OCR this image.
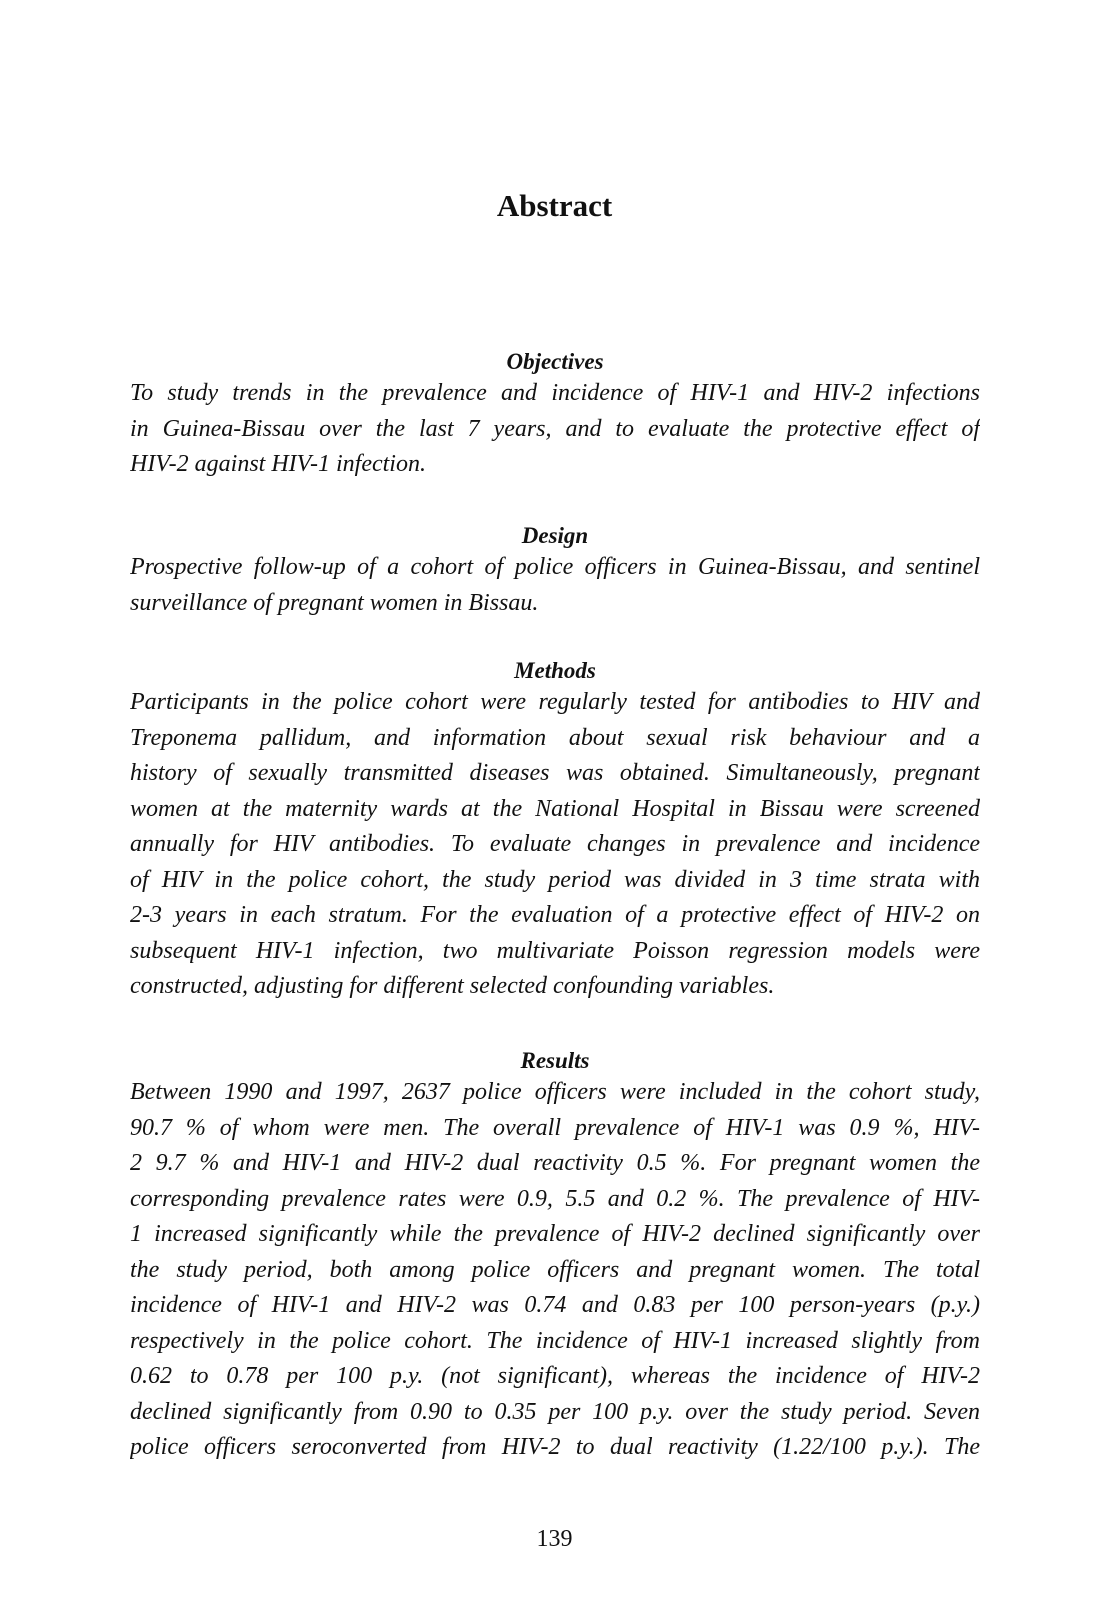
Abstract
Objectives

To study trends in the prevalence and incidence of HIV-1 and HIV-2 infections
in Guinea-Bissau over the last 7 years, and to evaluate the protective effect of
HIV-2 against HIV-1 infection.

Design

Prospective follow-up of a cohort of police officers in Guinea-Bissau, and sentinel
surveillance of pregnant women in Bissau.

Methods

Participants in the police cohort were regularly tested for antibodies to HIV and
Treponema pallidum, and information about sexual risk behaviour and a
history of sexually transmitted diseases was obtained. Simultaneously, pregnant
women at the maternity wards at the National Hospital in Bissau were screened
annually for HIV antibodies. To evaluate changes in prevalence and incidence
of HIV in the police cohort, the study period was divided in 3 time strata with
2-3 years in each stratum. For the evaluation of a protective effect of HIV-2 on
subsequent HIV-1 infection, two multivariate Poisson regression models were
constructed, adjusting for different selected confounding variables.

Results

Between 1990 and 1997, 2637 police officers were included in the cohort study,
90.7 % of whom were men. The overall prevalence of HIV-1 was 0.9 %, HIV-
2 9.7 % and HIV-1 and HIV-2 dual reactivity 0.5 %. For pregnant women the
corresponding prevalence rates were 0.9, 5.5 and 0.2 %. The prevalence of HIV-
1 increased significantly while the prevalence of HIV-2 declined significantly over
the study period, both among police officers and pregnant women. The total
incidence of HIV-1 and HIV-2 was 0.74 and 0.83 per 100 person-years (p.y.)
respectively in the police cohort. The incidence of HIV-1 increased slightly from
0.62 to 0.78 per 100 p.y. (not significant), whereas the incidence of HIV-2
declined significantly from 0.90 to 0.35 per 100 p.y. over the study period. Seven
police officers seroconverted from HIV-2 to dual reactivity (1.22/100 p.y.). The

139
